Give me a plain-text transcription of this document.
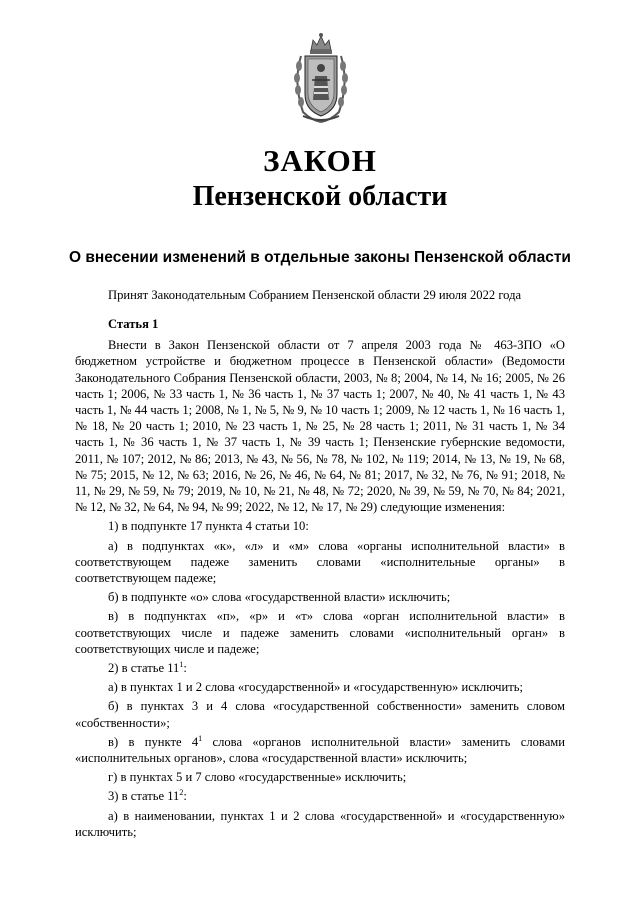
ЗАКОН
Пензенской области
О внесении изменений в отдельные законы Пензенской области
Принят Законодательным Собранием Пензенской области 29 июля 2022 года
Статья 1

Внести в Закон Пензенской области от 7 апреля 2003 года № 463-ЗПО «О бюджетном устройстве и бюджетном процессе в Пензенской области» (Ведомости Законодательного Собрания Пензенской области, 2003, № 8; 2004, № 14, № 16; 2005, № 26 часть 1; 2006, № 33 часть 1, № 36 часть 1, № 37 часть 1; 2007, № 40, № 41 часть 1, № 43 часть 1, № 44 часть 1; 2008, № 1, № 5, № 9, № 10 часть 1; 2009, № 12 часть 1, № 16 часть 1, № 18, № 20 часть 1; 2010, № 23 часть 1, № 25, № 28 часть 1; 2011, № 31 часть 1, № 34 часть 1, № 36 часть 1, № 37 часть 1, № 39 часть 1; Пензенские губернские ведомости, 2011, № 107; 2012, № 86; 2013, № 43, № 56, № 78, № 102, № 119; 2014, № 13, № 19, № 68, № 75; 2015, № 12, № 63; 2016, № 26, № 46, № 64, № 81; 2017, № 32, № 76, № 91; 2018, № 11, № 29, № 59, № 79; 2019, № 10, № 21, № 48, № 72; 2020, № 39, № 59, № 70, № 84; 2021, № 12, № 32, № 64, № 94, № 99; 2022, № 12, № 17, № 29) следующие изменения:

1) в подпункте 17 пункта 4 статьи 10:

а) в подпунктах «к», «л» и «м» слова «органы исполнительной власти» в соответствующем падеже заменить словами «исполнительные органы» в соответствующем падеже;

б) в подпункте «о» слова «государственной власти» исключить;

в) в подпунктах «п», «р» и «т» слова «орган исполнительной власти» в соответствующих числе и падеже заменить словами «исполнительный орган» в соответствующих числе и падеже;

2) в статье $11^1$:

а) в пунктах 1 и 2 слова «государственной» и «государственную» исключить;

б) в пунктах 3 и 4 слова «государственной собственности» заменить словом «собственности»;

в) в пункте $4^1$ слова «органов исполнительной власти» заменить словами «исполнительных органов», слова «государственной власти» исключить;

г) в пунктах 5 и 7 слово «государственные» исключить;

3) в статье $11^2$:

а) в наименовании, пунктах 1 и 2 слова «государственной» и «государственную» исключить;
